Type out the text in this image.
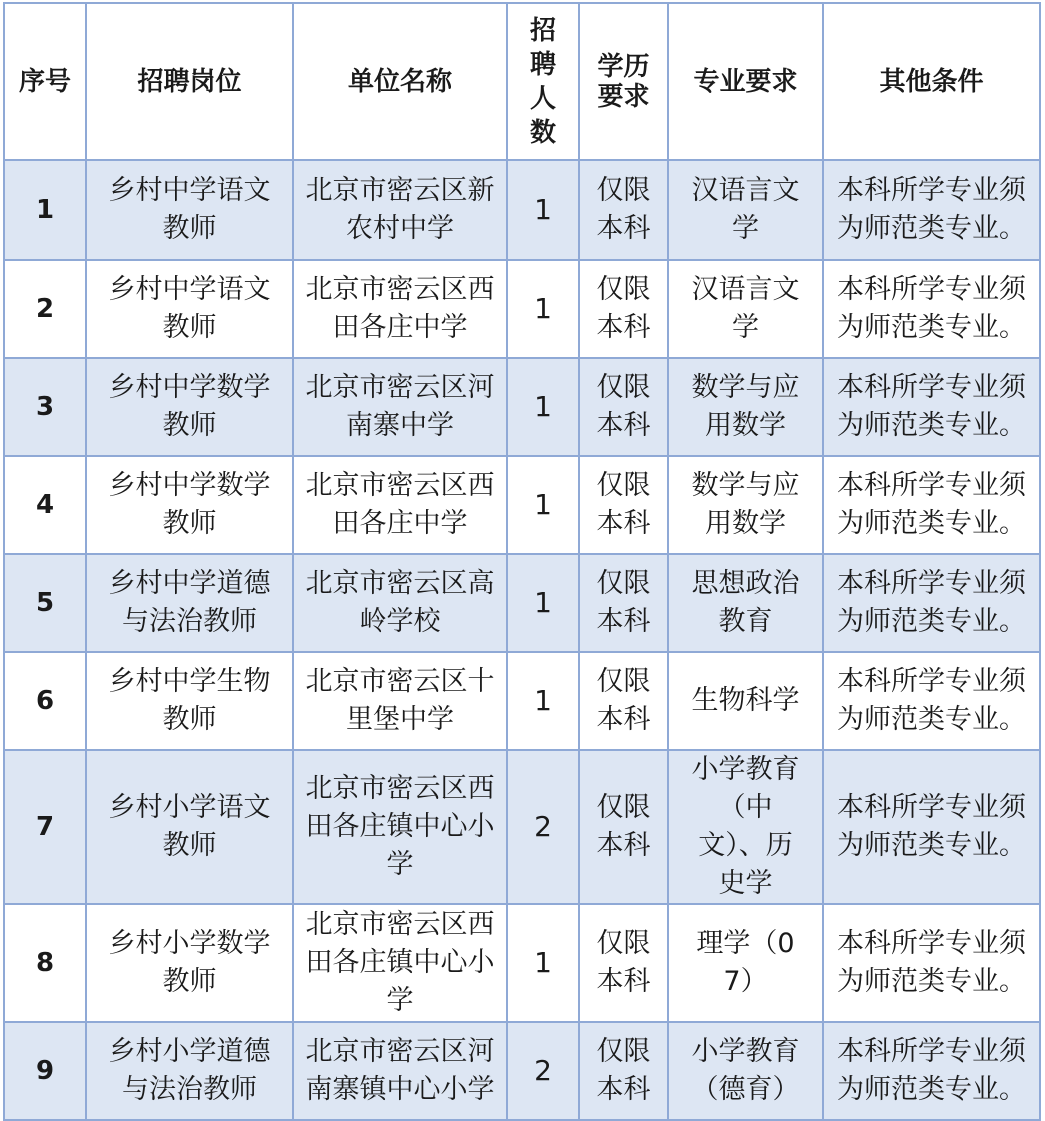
序号	招聘岗位	单位名称	招聘人数	学历要求	专业要求	其他条件
1	乡村中学语文教师	北京市密云区新农村中学	1	仅限本科	汉语言文学	本科所学专业须为师范类专业。
2	乡村中学语文教师	北京市密云区西田各庄中学	1	仅限本科	汉语言文学	本科所学专业须为师范类专业。
3	乡村中学数学教师	北京市密云区河南寨中学	1	仅限本科	数学与应用数学	本科所学专业须为师范类专业。
4	乡村中学数学教师	北京市密云区西田各庄中学	1	仅限本科	数学与应用数学	本科所学专业须为师范类专业。
5	乡村中学道德与法治教师	北京市密云区高岭学校	1	仅限本科	思想政治教育	本科所学专业须为师范类专业。
6	乡村中学生物教师	北京市密云区十里堡中学	1	仅限本科	生物科学	本科所学专业须为师范类专业。
7	乡村小学语文教师	北京市密云区西田各庄镇中心小学	2	仅限本科	小学教育（中文）、历史学	本科所学专业须为师范类专业。
8	乡村小学数学教师	北京市密云区西田各庄镇中心小学	1	仅限本科	理学（07）	本科所学专业须为师范类专业。
9	乡村小学道德与法治教师	北京市密云区河南寨镇中心小学	2	仅限本科	小学教育（德育）	本科所学专业须为师范类专业。
